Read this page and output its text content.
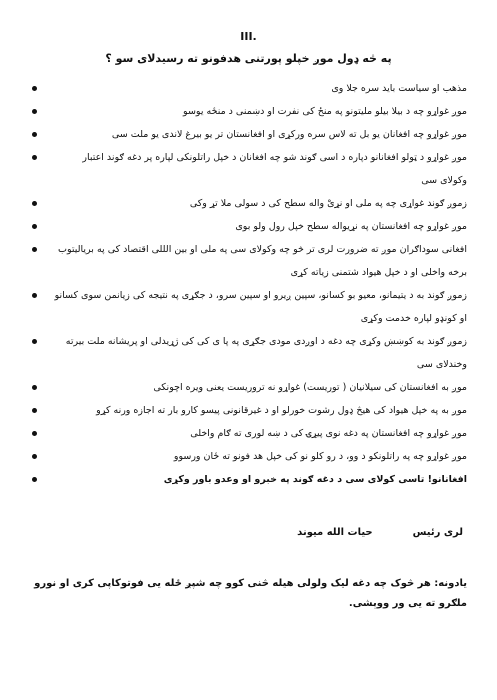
III.
په څه ډول موږ خپلو پورتنی هدفونو ته رسیدلای سو ؟
مذهب او سیاست باید سره جلا وی
موږ غواړو چه د بیلا بیلو ملیتونو په منځ کی نفرت او دښمنی د منځه یوسو
موږ غواړو چه افغانان یو بل ته لاس سره ورکړی او افغانستان تر یو بیرغ لاندی یو ملت سی
موږ غواړو د ټولو افغانانو دپاره د اسی ګوند شو چه افغانان د خپل راتلونکی لپاره پر دغه ګوند اعتبار وکولای سی
زموږ ګوند غواړی چه په ملی او نړیْ واله سطح کی د سولی ملا تړ وکی
موږ غواړو چه افغانستان په نړیواله سطح خپل رول ولو بوی
افغانی سوداګران موږ ته ضرورت لری تر څو چه وکولای سی په ملی او بین الللی اقتصاد کی په بریالیتوب برخه واخلی او د خپل هیواد شتمنی زیاته کړی
زموږ ګوند به د یتیمانو، معیو بو کسانو، سپین ږیرو او سپین سرو، د جګړی په نتیجه کی زیانمن سوی کسانو او کونډو لپاره خدمت وکړی
زموږ ګوند به کوښښ وکړی چه دغه د اوږدی مودی جګړی په پا ی کی کی ژړیدلی او پریشانه ملت بیرته وخندلای سی
موږ به افغانستان کی سیلانیان ( توریست) غواړو نه تروریست یعنی ویره اچونکی
موږ به په خپل هیواد کی هیڅ ډول رشوت خورلو او د غیرقانونی پیسو کارو بار ته اجازه ورنه کړو
موږ غواړو چه افغانستان په دغه نوی پیړۍ کی د ښه لوری ته ګام واخلی
موږ غواړو چه په راتلونکو د وو، د رو کلو نو کی خپل هد فونو ته ځان ورسوو
افغانانو! تاسی کولای سی د دغه ګوند په خبرو او وعدو باور وکړی
لری رئیسحیات الله میوند
یادونه: هر څوک چه دغه لیک ولولی هیله څنی کوو چه شپږ ځله یی فوتوکاپی کری او نورو ملګرو ته یی ور ووېشی.
